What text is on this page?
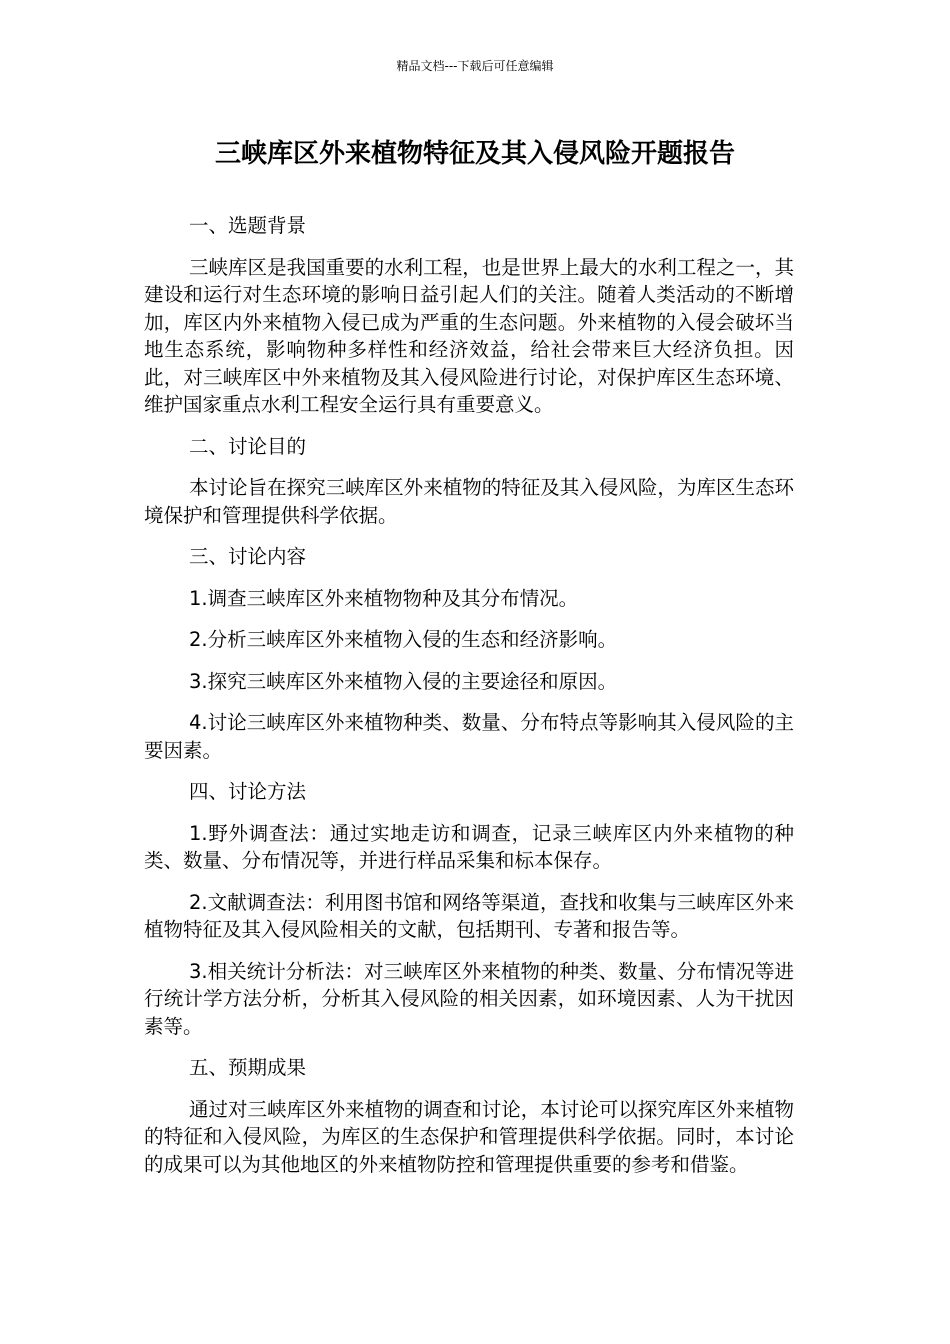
精品文档---下载后可任意编辑
三峡库区外来植物特征及其入侵风险开题报告
一、选题背景

三峡库区是我国重要的水利工程，也是世界上最大的水利工程之一，其建设和运行对生态环境的影响日益引起人们的关注。随着人类活动的不断增加，库区内外来植物入侵已成为严重的生态问题。外来植物的入侵会破坏当地生态系统，影响物种多样性和经济效益，给社会带来巨大经济负担。因此，对三峡库区中外来植物及其入侵风险进行讨论，对保护库区生态环境、维护国家重点水利工程安全运行具有重要意义。

二、讨论目的

本讨论旨在探究三峡库区外来植物的特征及其入侵风险，为库区生态环境保护和管理提供科学依据。

三、讨论内容

1.调查三峡库区外来植物物种及其分布情况。

2.分析三峡库区外来植物入侵的生态和经济影响。

3.探究三峡库区外来植物入侵的主要途径和原因。

4.讨论三峡库区外来植物种类、数量、分布特点等影响其入侵风险的主要因素。

四、讨论方法

1.野外调查法：通过实地走访和调查，记录三峡库区内外来植物的种类、数量、分布情况等，并进行样品采集和标本保存。

2.文献调查法：利用图书馆和网络等渠道，查找和收集与三峡库区外来植物特征及其入侵风险相关的文献，包括期刊、专著和报告等。

3.相关统计分析法：对三峡库区外来植物的种类、数量、分布情况等进行统计学方法分析，分析其入侵风险的相关因素，如环境因素、人为干扰因素等。

五、预期成果

通过对三峡库区外来植物的调查和讨论，本讨论可以探究库区外来植物的特征和入侵风险，为库区的生态保护和管理提供科学依据。同时，本讨论的成果可以为其他地区的外来植物防控和管理提供重要的参考和借鉴。
